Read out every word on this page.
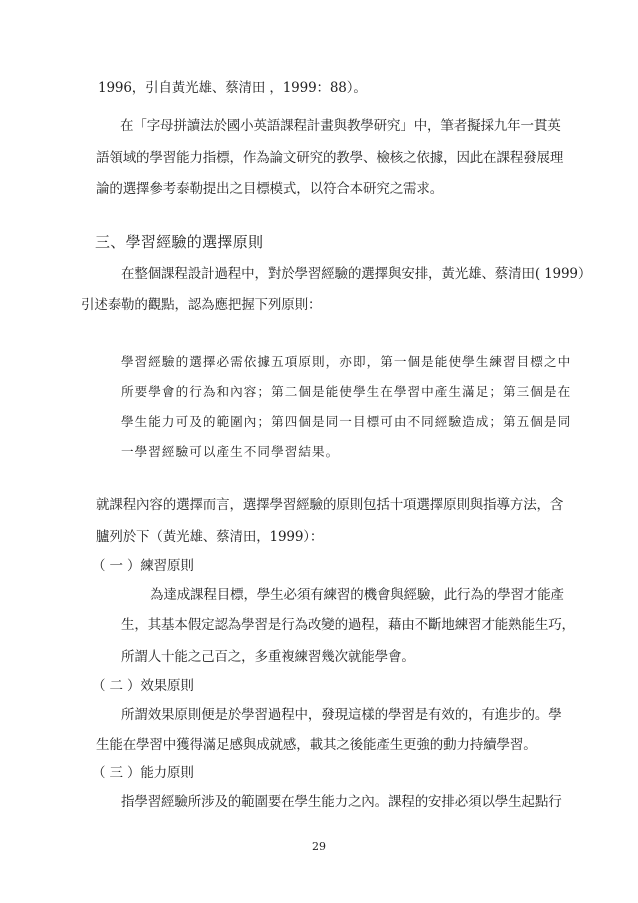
1996，引自黃光雄、蔡清田 ，1999：88）。
在「字母拼讀法於國小英語課程計畫與教學研究」中，筆者擬採九年一貫英
語領域的學習能力指標，作為論文研究的教學、檢核之依據，因此在課程發展理
論的選擇參考泰勒提出之目標模式，以符合本研究之需求。
三、學習經驗的選擇原則
在整個課程設計過程中，對於學習經驗的選擇與安排，黃光雄、蔡清田( 1999）
引述泰勒的觀點，認為應把握下列原則：
學習經驗的選擇必需依據五項原則，亦即，第一個是能使學生練習目標之中
所要學會的行為和內容；第二個是能使學生在學習中產生滿足；第三個是在
學生能力可及的範圍內；第四個是同一目標可由不同經驗造成；第五個是同
一學習經驗可以產生不同學習結果。
就課程內容的選擇而言，選擇學習經驗的原則包括十項選擇原則與指導方法，含
臚列於下（黃光雄、蔡清田，1999）：
（ 一 ）練習原則
為達成課程目標，學生必須有練習的機會與經驗，此行為的學習才能產
生，其基本假定認為學習是行為改變的過程，藉由不斷地練習才能熟能生巧，
所謂人十能之己百之，多重複練習幾次就能學會。
（ 二 ）效果原則
所謂效果原則便是於學習過程中，發現這樣的學習是有效的，有進步的。學
生能在學習中獲得滿足感與成就感，載其之後能產生更強的動力持續學習。
（ 三 ）能力原則
指學習經驗所涉及的範圍要在學生能力之內。課程的安排必須以學生起點行
29
